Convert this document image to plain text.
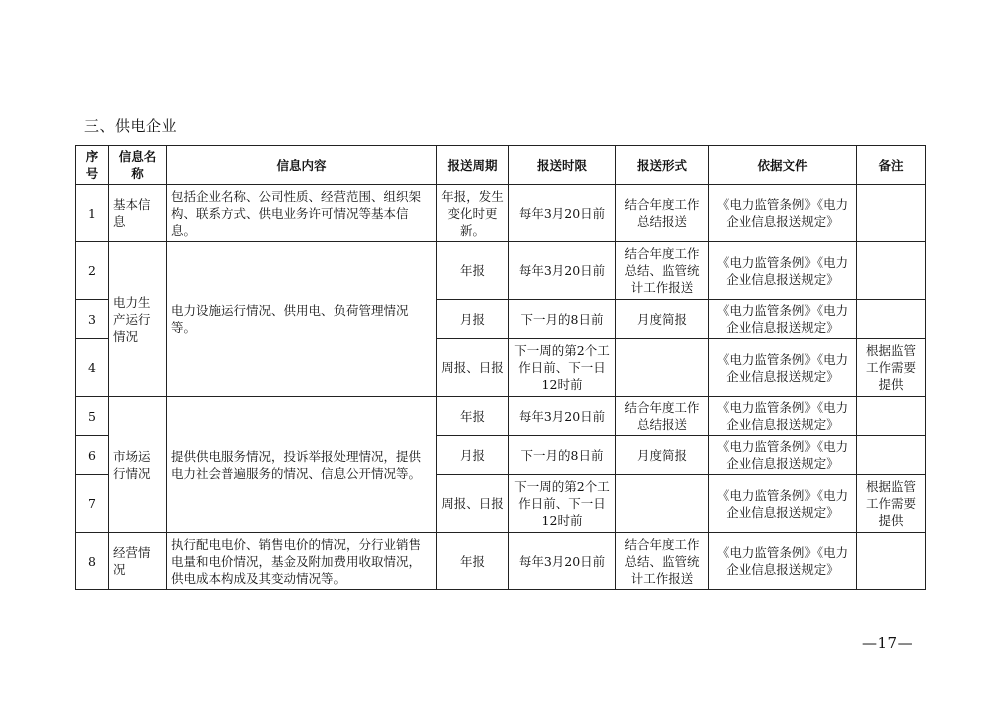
三、供电企业
序号	信息名称	信息内容	报送周期	报送时限	报送形式	依据文件	备注
1	基本信息	包括企业名称、公司性质、经营范围、组织架构、联系方式、供电业务许可情况等基本信息。	年报，发生变化时更新。	每年3月20日前	结合年度工作总结报送	《电力监管条例》《电力企业信息报送规定》	
2	电力生产运行情况	电力设施运行情况、供用电、负荷管理情况等。	年报	每年3月20日前	结合年度工作总结、监管统计工作报送	《电力监管条例》《电力企业信息报送规定》	
3			月报	下一月的8日前	月度简报	《电力监管条例》《电力企业信息报送规定》	
4			周报、日报	下一周的第2个工作日前、下一日12时前		《电力监管条例》《电力企业信息报送规定》	根据监管工作需要提供
5	市场运行情况	提供供电服务情况，投诉举报处理情况，提供电力社会普遍服务的情况、信息公开情况等。	年报	每年3月20日前	结合年度工作总结报送	《电力监管条例》《电力企业信息报送规定》	
6			月报	下一月的8日前	月度简报	《电力监管条例》《电力企业信息报送规定》	
7			周报、日报	下一周的第2个工作日前、下一日12时前		《电力监管条例》《电力企业信息报送规定》	根据监管工作需要提供
8	经营情况	执行配电电价、销售电价的情况，分行业销售电量和电价情况，基金及附加费用收取情况，供电成本构成及其变动情况等。	年报	每年3月20日前	结合年度工作总结、监管统计工作报送	《电力监管条例》《电力企业信息报送规定》	
—17—
